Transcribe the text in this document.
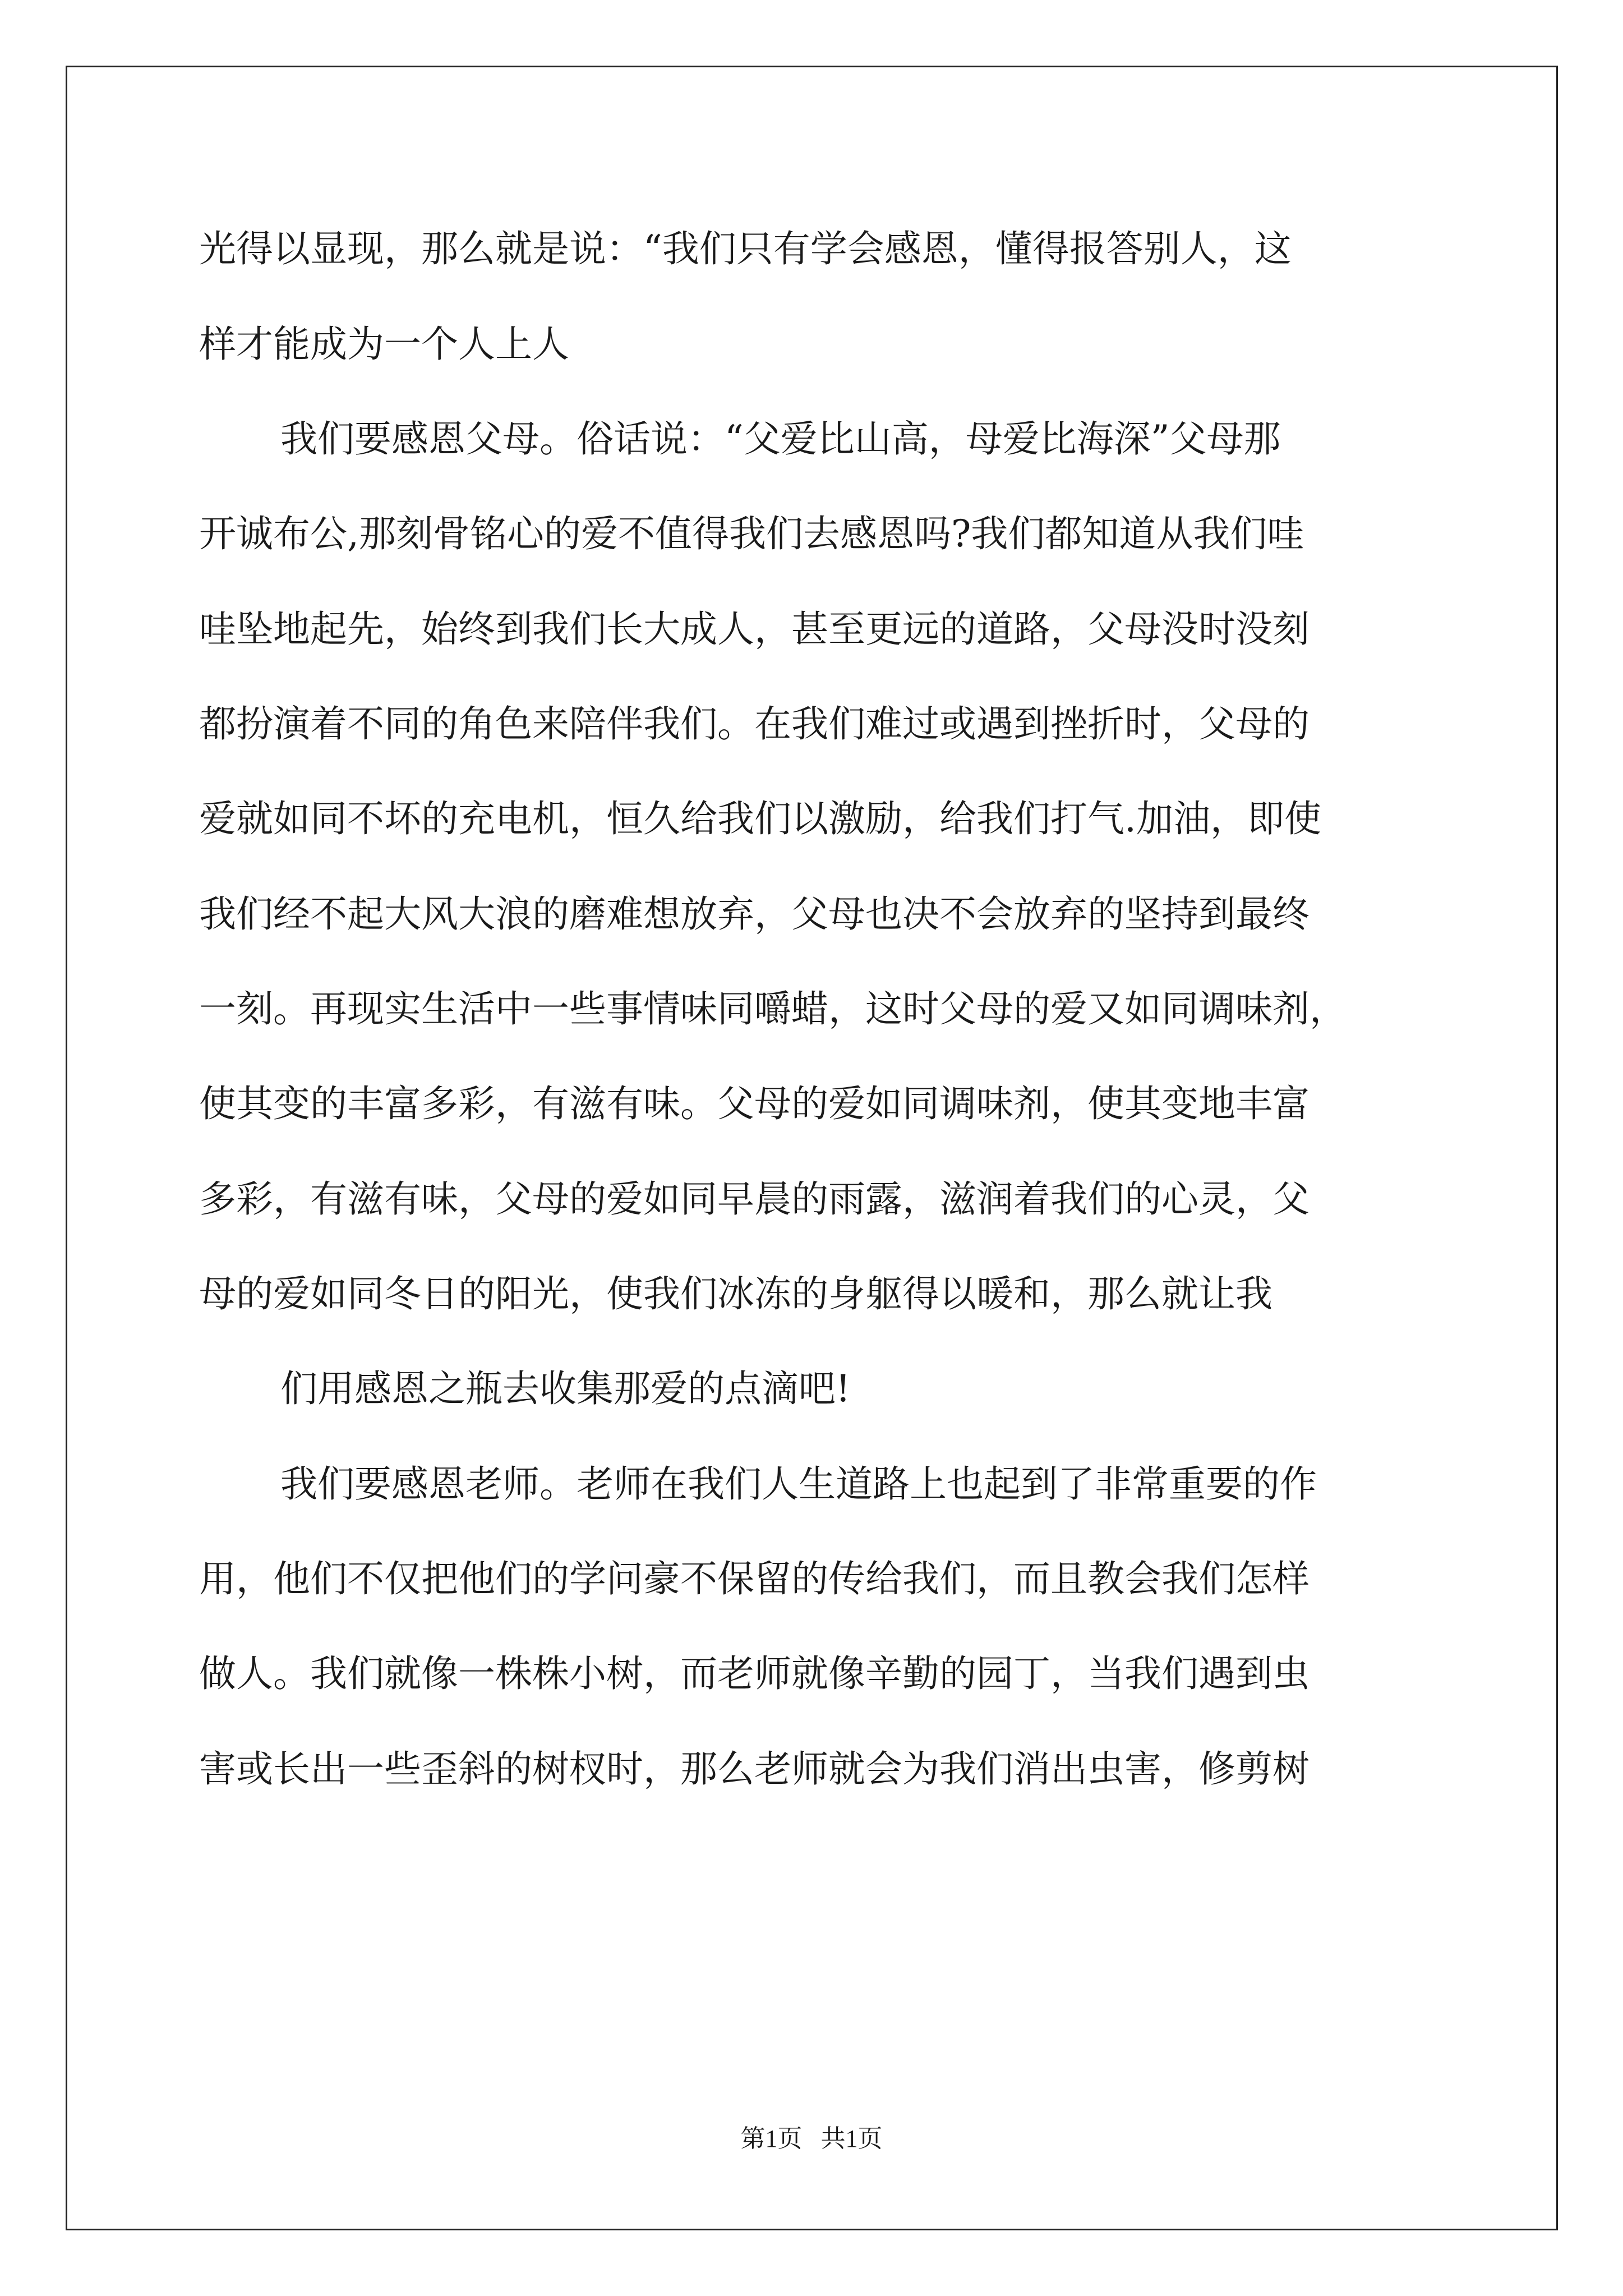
光得以显现，那么就是说：“我们只有学会感恩，懂得报答别人，这

样才能成为一个人上人

我们要感恩父母。俗话说：“父爱比山高，母爱比海深”父母那

开诚布公,那刻骨铭心的爱不值得我们去感恩吗?我们都知道从我们哇

哇坠地起先，始终到我们长大成人，甚至更远的道路，父母没时没刻

都扮演着不同的角色来陪伴我们。在我们难过或遇到挫折时，父母的

爱就如同不坏的充电机，恒久给我们以激励，给我们打气.加油，即使

我们经不起大风大浪的磨难想放弃，父母也决不会放弃的坚持到最终

一刻。再现实生活中一些事情味同嚼蜡，这时父母的爱又如同调味剂，

使其变的丰富多彩，有滋有味。父母的爱如同调味剂，使其变地丰富

多彩，有滋有味，父母的爱如同早晨的雨露，滋润着我们的心灵，父

母的爱如同冬日的阳光，使我们冰冻的身躯得以暖和，那么就让我

们用感恩之瓶去收集那爱的点滴吧!

我们要感恩老师。老师在我们人生道路上也起到了非常重要的作

用，他们不仅把他们的学问豪不保留的传给我们，而且教会我们怎样

做人。我们就像一株株小树，而老师就像辛勤的园丁，当我们遇到虫

害或长出一些歪斜的树杈时，那么老师就会为我们消出虫害，修剪树

第1页   共1页
